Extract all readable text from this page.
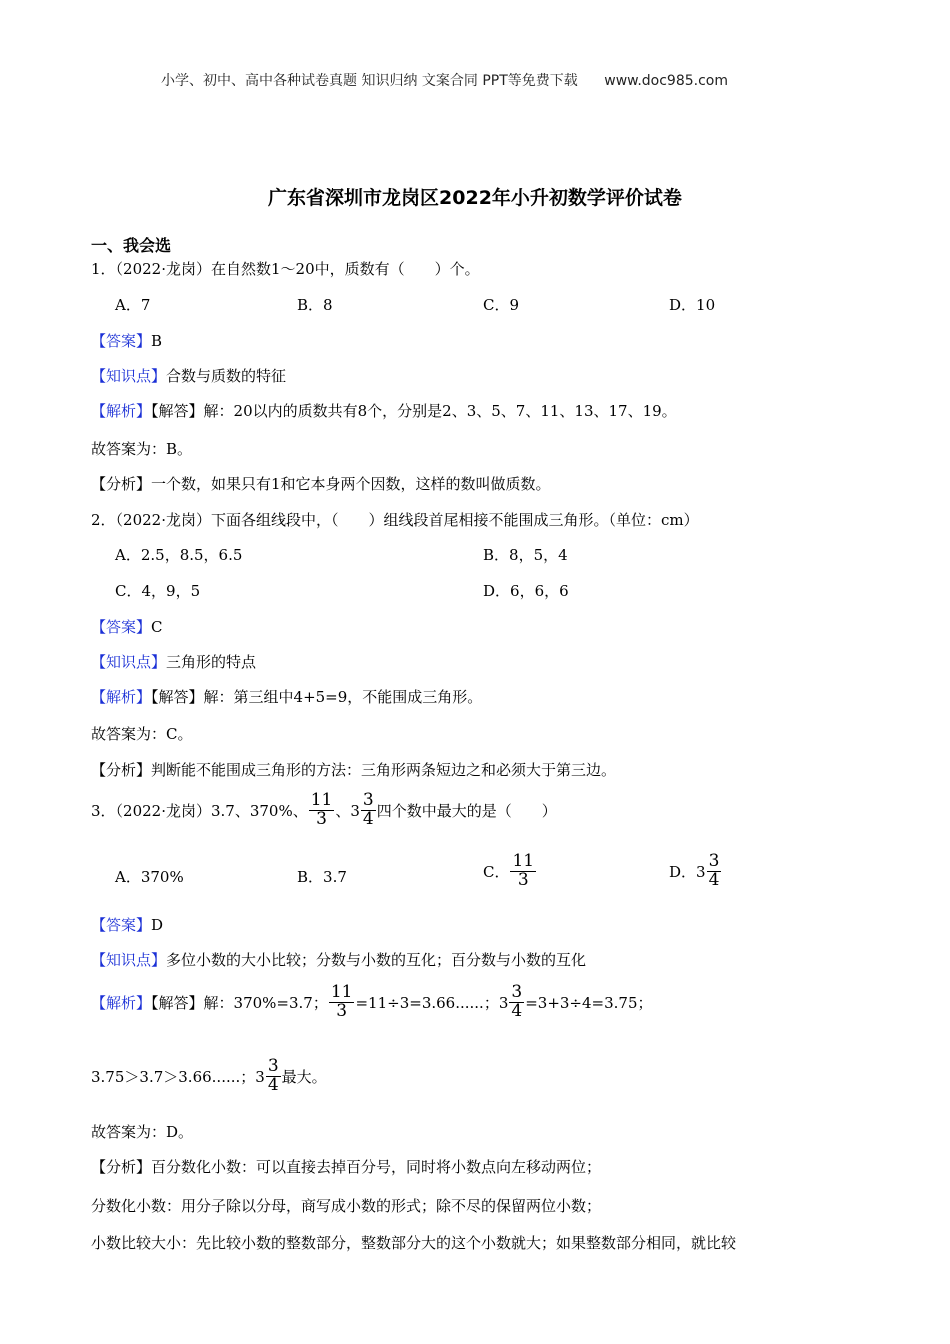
小学、初中、高中各种试卷真题 知识归纳 文案合同 PPT等免费下载 www.doc985.com
广东省深圳市龙岗区2022年小升初数学评价试卷
一、我会选
1．（2022·龙岗）在自然数1～20中，质数有（　　）个。
A．7	B．8	C．9	D．10
【答案】B
【知识点】合数与质数的特征
【解析】【解答】解：20以内的质数共有8个，分别是2、3、5、7、11、13、17、19。
故答案为：B。
【分析】一个数，如果只有1和它本身两个因数，这样的数叫做质数。
2．（2022·龙岗）下面各组线段中，（　　）组线段首尾相接不能围成三角形。（单位：cm）
A．2.5，8.5，6.5	B．8，5，4
C．4，9，5	D．6，6，6
【答案】C
【知识点】三角形的特点
【解析】【解答】解：第三组中4+5=9，不能围成三角形。
故答案为：C。
【分析】判断能不能围成三角形的方法：三角形两条短边之和必须大于第三边。
3．（2022·龙岗）3.7、370%、 $\frac{11}{3}$ 、$3 \frac{3}{4}$ 四个数中最大的是（　　）
A．370%	B．3.7	C． $\frac{11}{3}$	D．$3 \frac{3}{4}$
【答案】D
【知识点】多位小数的大小比较；分数与小数的互化；百分数与小数的互化
【解析】【解答】解：370%=3.7； $\frac{11}{3} =11\div 3=3.66$......；$3 \frac{3}{4} =3+3\div 4=3.75$；
3.75＞3.7＞3.66......；$3 \frac{3}{4}$ 最大。
故答案为：D。
【分析】百分数化小数：可以直接去掉百分号，同时将小数点向左移动两位；
分数化小数：用分子除以分母，商写成小数的形式；除不尽的保留两位小数；
小数比较大小：先比较小数的整数部分，整数部分大的这个小数就大；如果整数部分相同，就比较
